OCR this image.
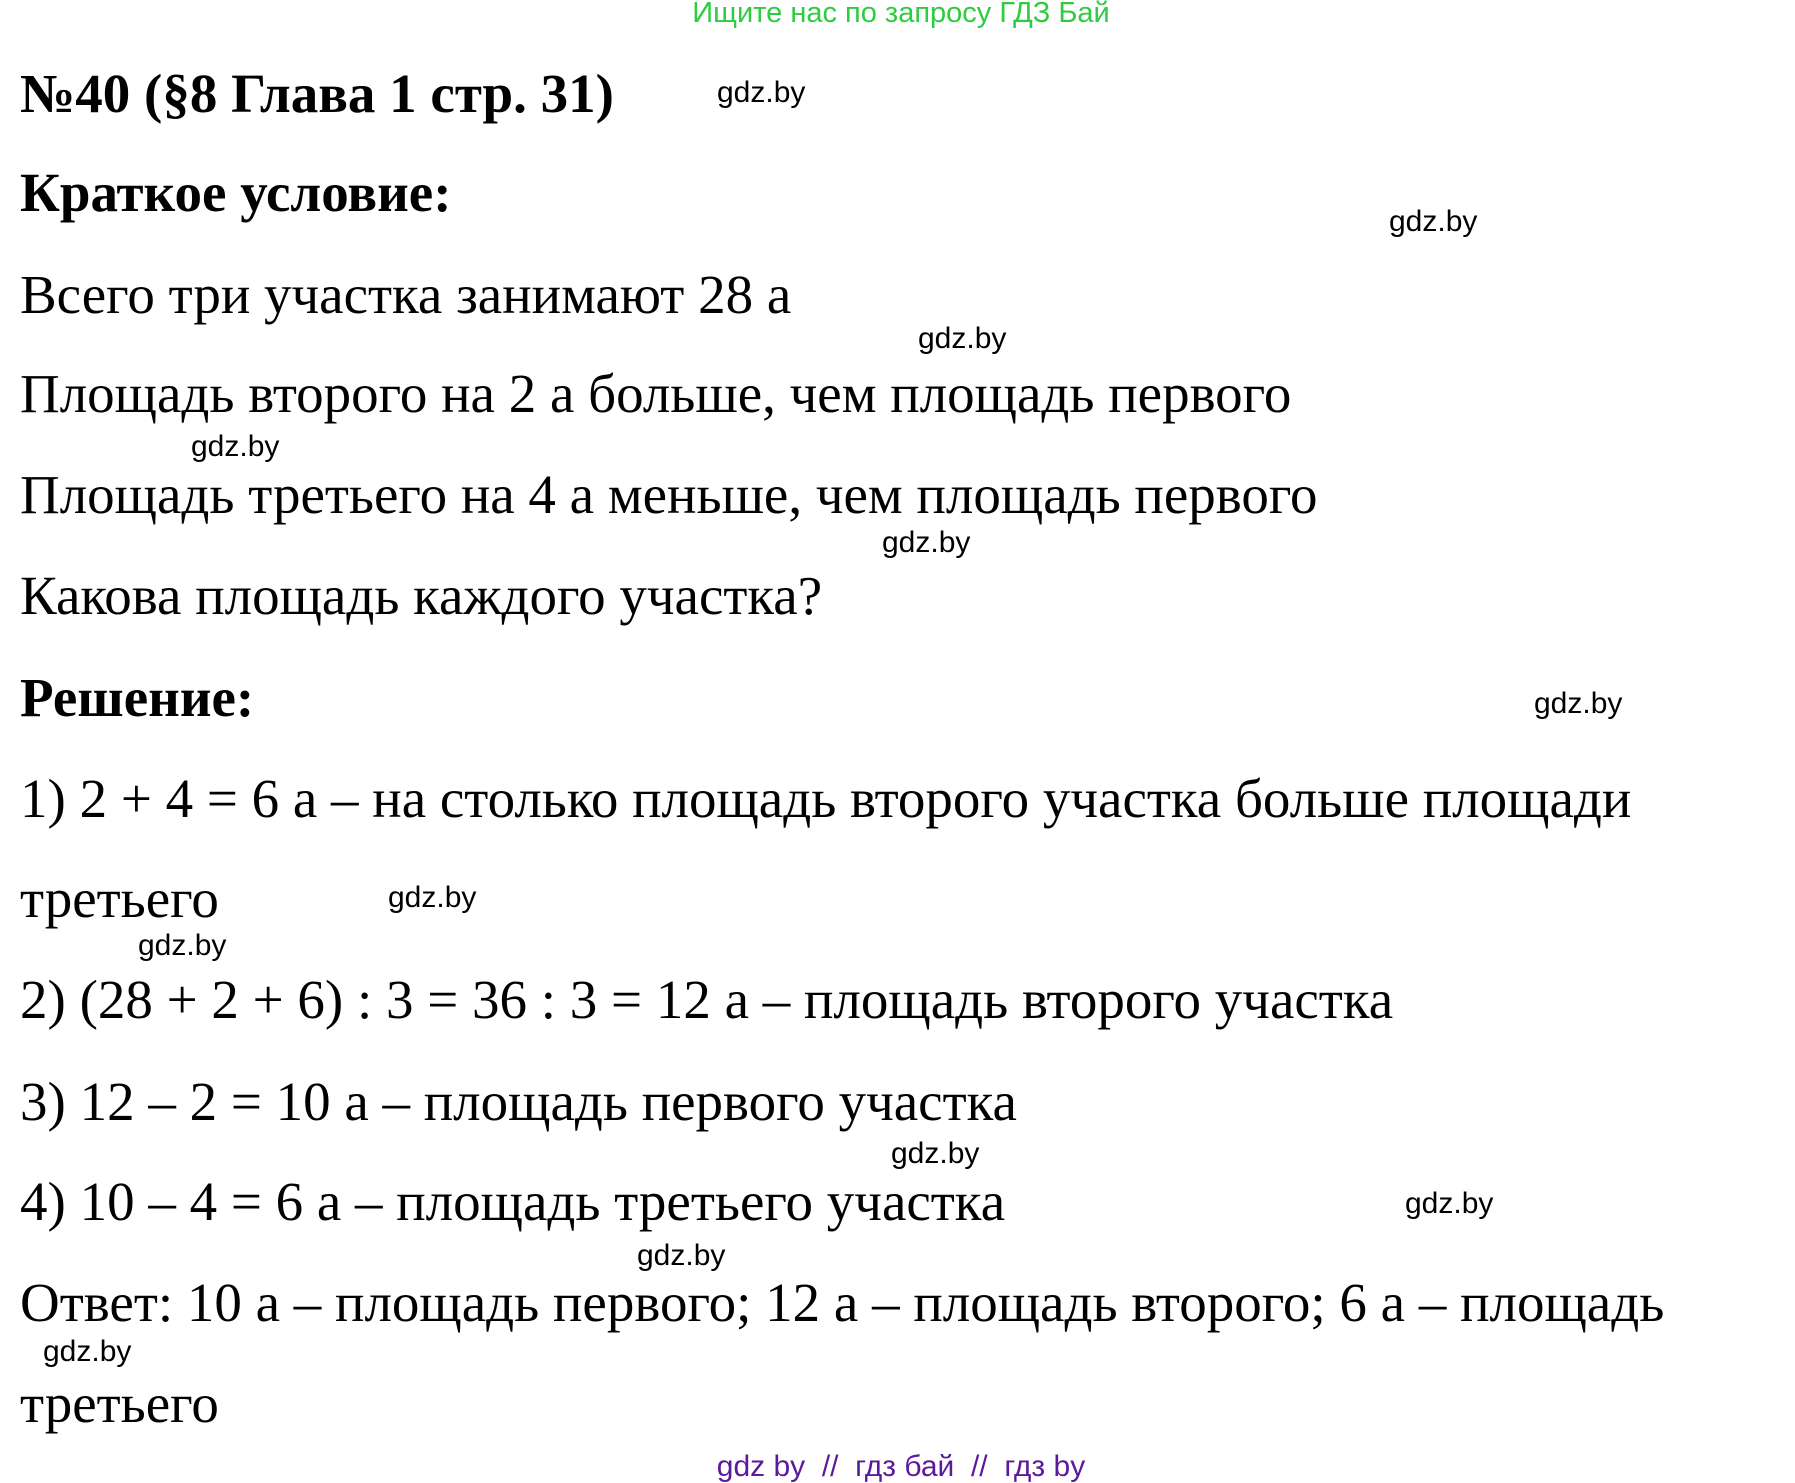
Ищите нас по запросу ГДЗ Бай
№40 (§8 Глава 1 стр. 31)
Краткое условие:
Всего три участка занимают 28 а
Площадь второго на 2 а больше, чем площадь первого
Площадь третьего на 4 а меньше, чем площадь первого
Какова площадь каждого участка?
Решение:
1) 2 + 4 = 6 а – на столько площадь второго участка больше площади
третьего
2) (28 + 2 + 6) : 3 = 36 : 3 = 12 а – площадь второго участка
3) 12 – 2 = 10 а – площадь первого участка
4) 10 – 4 = 6 а – площадь третьего участка
Ответ: 10 а – площадь первого; 12 а – площадь второго; 6 а – площадь
третьего
gdz.by
gdz.by
gdz.by
gdz.by
gdz.by
gdz.by
gdz.by
gdz.by
gdz.by
gdz.by
gdz.by
gdz.by
gdz by  //  гдз бай  //  гдз by
